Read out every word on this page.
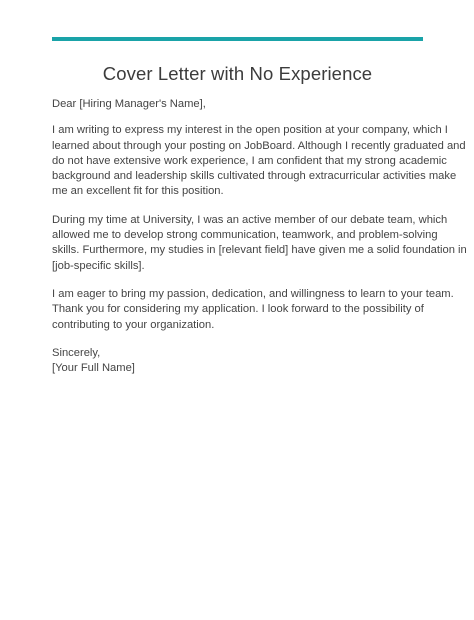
Cover Letter with No Experience
Dear [Hiring Manager's Name],
I am writing to express my interest in the open position at your company, which I
learned about through your posting on JobBoard. Although I recently graduated and
do not have extensive work experience, I am confident that my strong academic
background and leadership skills cultivated through extracurricular activities make
me an excellent fit for this position.
During my time at University, I was an active member of our debate team, which
allowed me to develop strong communication, teamwork, and problem-solving
skills. Furthermore, my studies in [relevant field] have given me a solid foundation in
[job-specific skills].
I am eager to bring my passion, dedication, and willingness to learn to your team.
Thank you for considering my application. I look forward to the possibility of
contributing to your organization.
Sincerely,
[Your Full Name]
